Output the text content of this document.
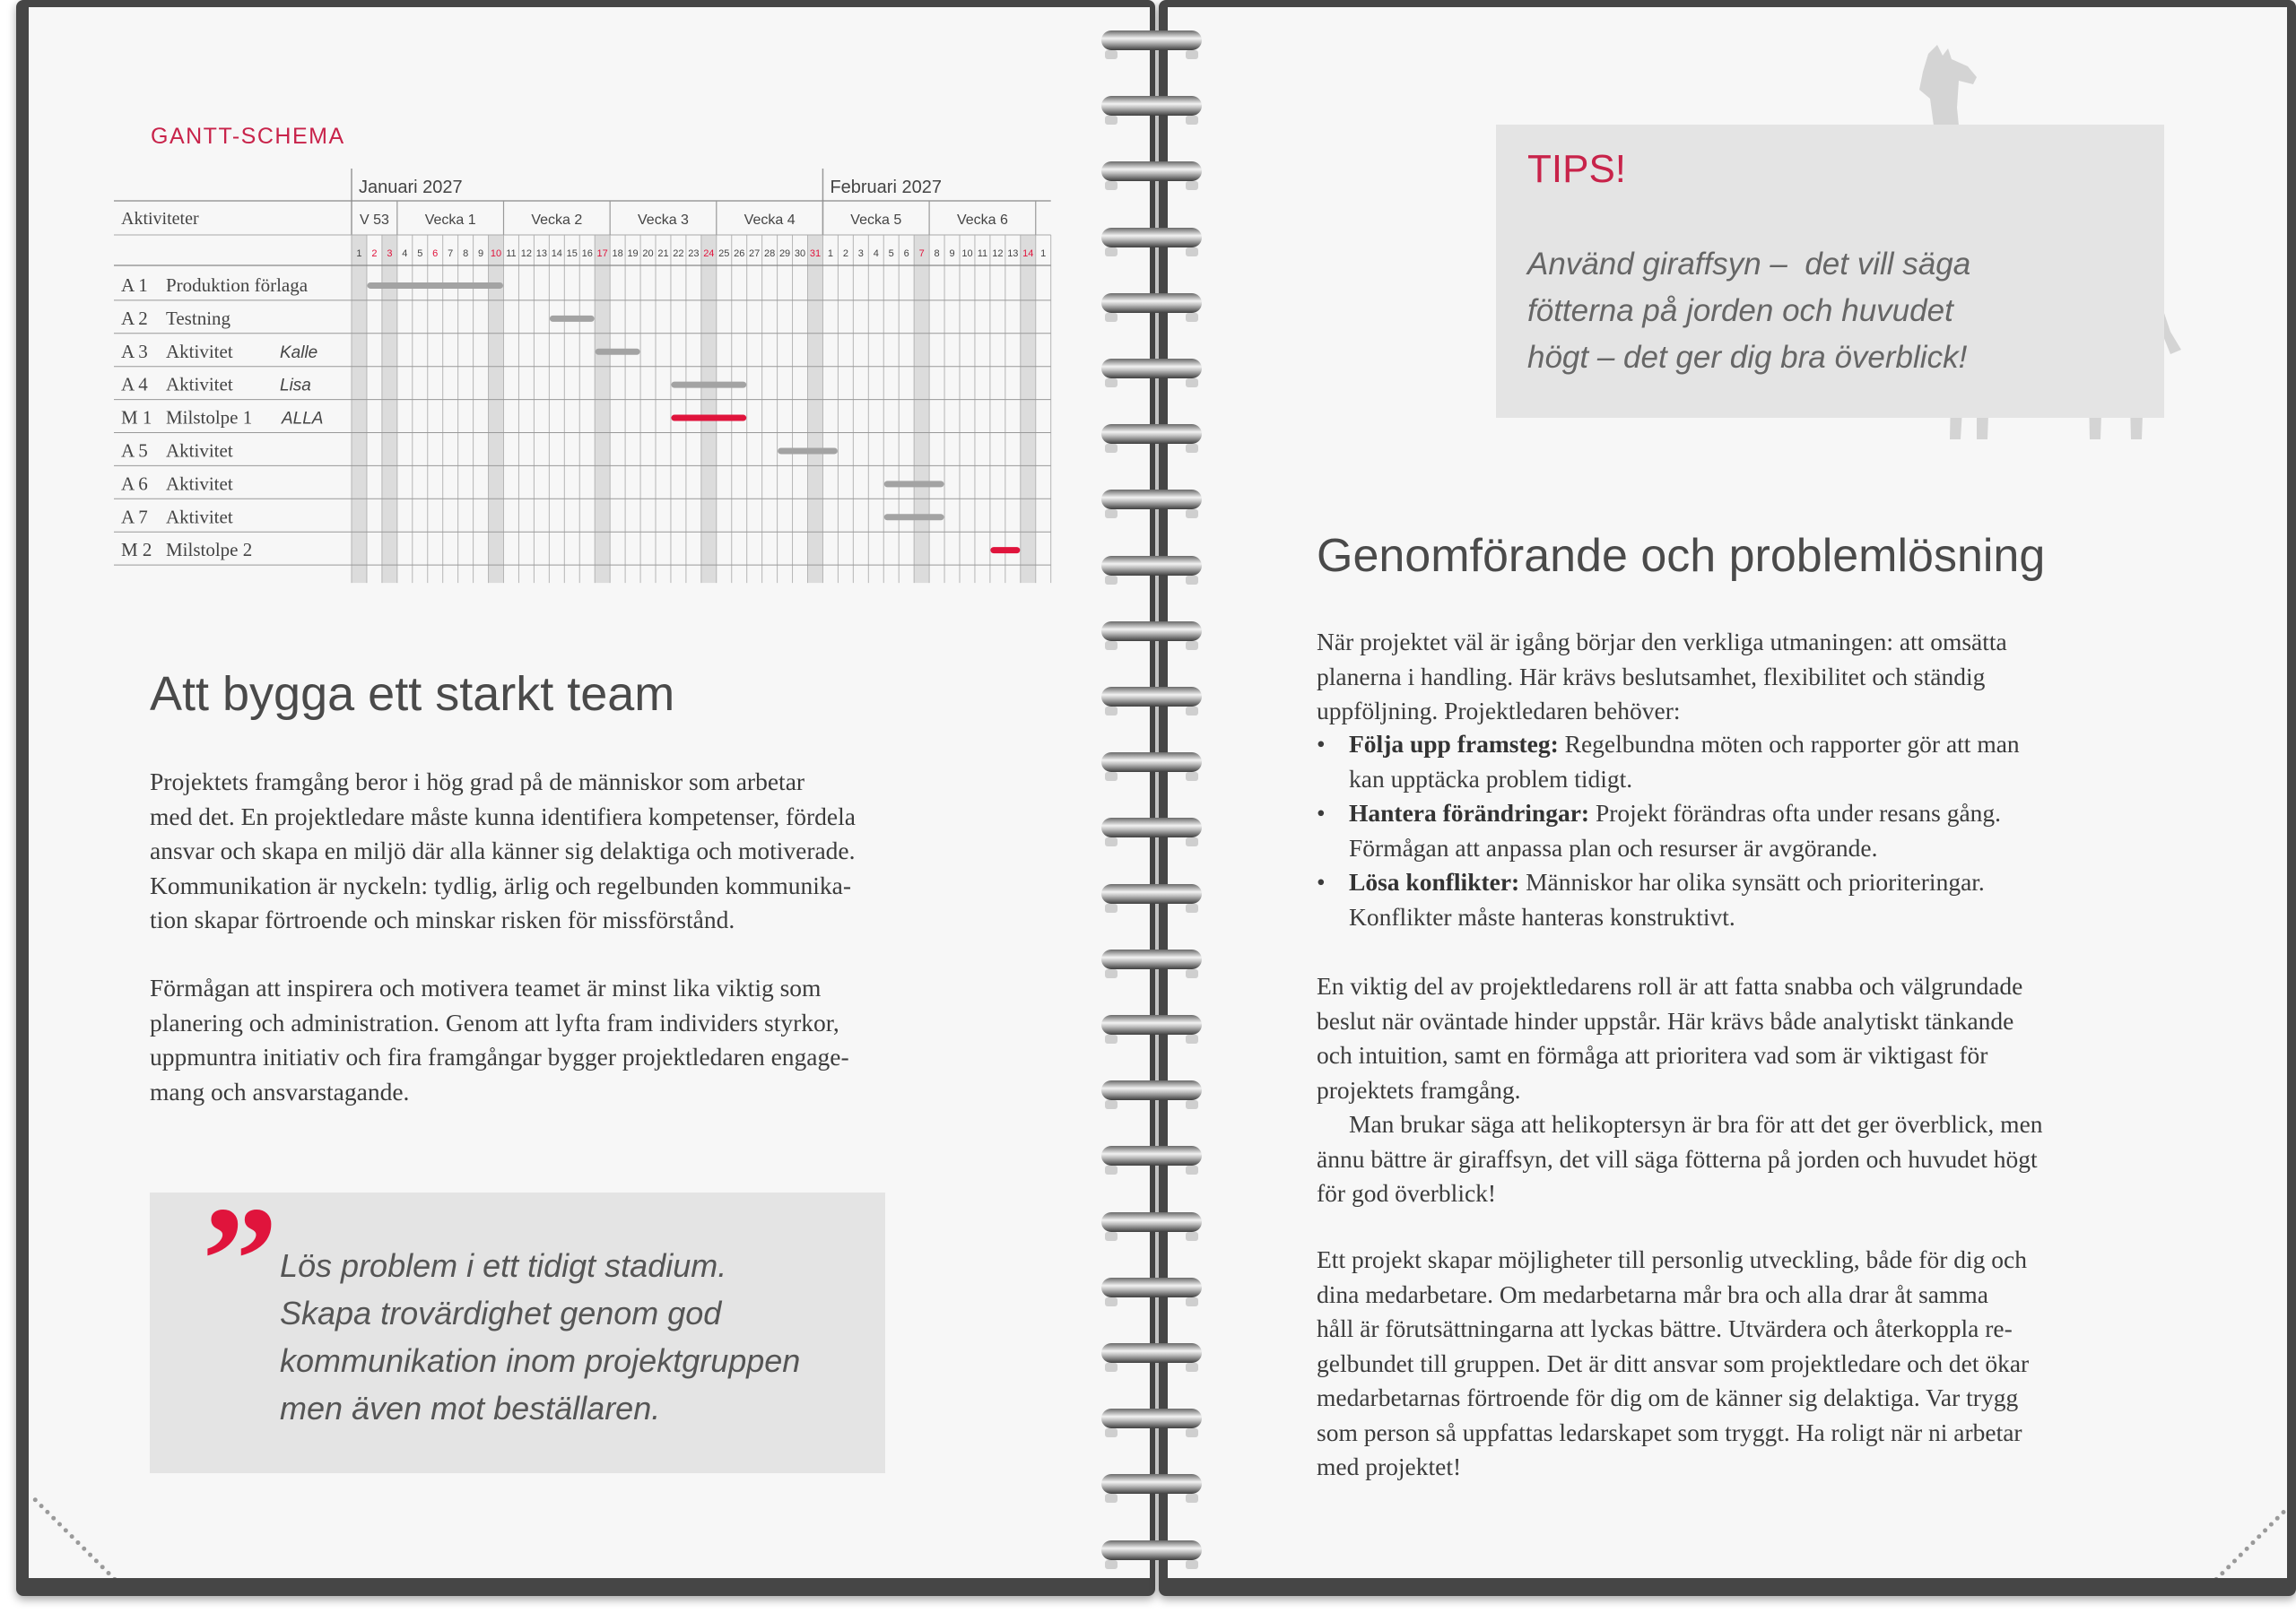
GANTT-SCHEMA
Januari 2027	Februari 2027
Aktiviteter	V 53 Vecka 1	Vecka 2	Vecka 3	Vecka 4	Vecka 5	Vecka 6
1 2 3 4 5 6 7 8 9 10 11 12 13 14 15 16 17 18 19 20 21 22 23 24 25 26 27 28 29 30 31 1 2 3 4 5 6 7 8 9 10 11 12 13 14 1
A 1 Produktion förlaga
A 2 Testning
A 3 Aktivitet	Kalle
A 4 Aktivitet	Lisa
M 1 Milstolpe 1 ALLA
A 5 Aktivitet
A 6 Aktivitet
A 7 Aktivitet
M 2 Milstolpe 2
Att bygga ett starkt team
Projektets framgång beror i hög grad på de människor som arbetar
med det. En projektledare måste kunna identifiera kompetenser, fördela
ansvar och skapa en miljö där alla känner sig delaktiga och motiverade.
Kommunikation är nyckeln: tydlig, ärlig och regelbunden kommunika-
tion skapar förtroende och minskar risken för missförstånd.
Förmågan att inspirera och motivera teamet är minst lika viktig som
planering och administration. Genom att lyfta fram individers styrkor,
uppmuntra initiativ och fira framgångar bygger projektledaren engage-
mang och ansvarstagande.
” Lös problem i ett tidigt stadium.
Skapa trovärdighet genom god
kommunikation inom projektgruppen
men även mot beställaren.
TIPS!
Använd giraffsyn –  det vill säga
fötterna på jorden och huvudet
högt – det ger dig bra överblick!
Genomförande och problemlösning
När projektet väl är igång börjar den verkliga utmaningen: att omsätta
planerna i handling. Här krävs beslutsamhet, flexibilitet och ständig
uppföljning. Projektledaren behöver:
• Följa upp framsteg: Regelbundna möten och rapporter gör att man
kan upptäcka problem tidigt.
• Hantera förändringar: Projekt förändras ofta under resans gång.
Förmågan att anpassa plan och resurser är avgörande.
• Lösa konflikter: Människor har olika synsätt och prioriteringar.
Konflikter måste hanteras konstruktivt.
En viktig del av projektledarens roll är att fatta snabba och välgrundade
beslut när oväntade hinder uppstår. Här krävs både analytiskt tänkande
och intuition, samt en förmåga att prioritera vad som är viktigast för
projektets framgång.
Man brukar säga att helikoptersyn är bra för att det ger överblick, men
ännu bättre är giraffsyn, det vill säga fötterna på jorden och huvudet högt
för god överblick!
Ett projekt skapar möjligheter till personlig utveckling, både för dig och
dina medarbetare. Om medarbetarna mår bra och alla drar åt samma
håll är förutsättningarna att lyckas bättre. Utvärdera och återkoppla re-
gelbundet till gruppen. Det är ditt ansvar som projektledare och det ökar
medarbetarnas förtroende för dig om de känner sig delaktiga. Var trygg
som person så uppfattas ledarskapet som tryggt. Ha roligt när ni arbetar
med projektet!
